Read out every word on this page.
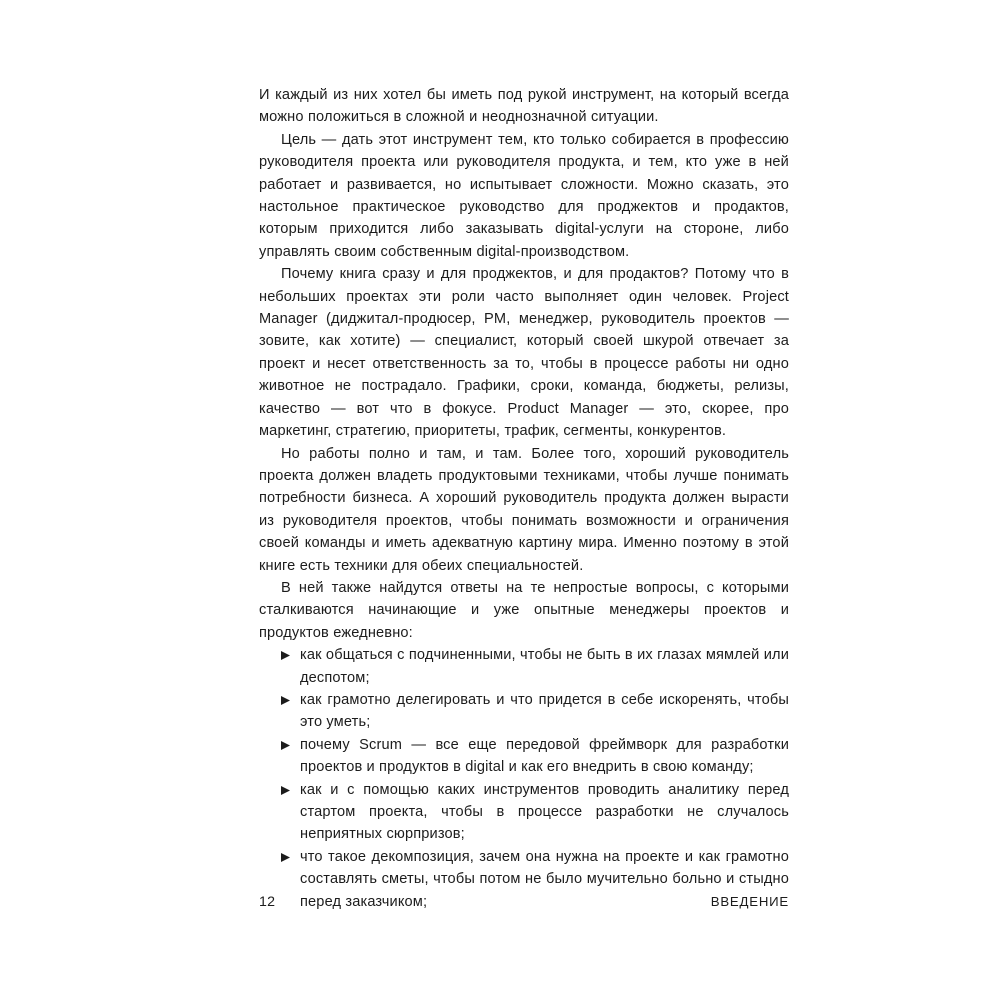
И каждый из них хотел бы иметь под рукой инструмент, на который всегда можно положиться в сложной и неоднозначной ситуации.

Цель — дать этот инструмент тем, кто только собирается в профессию руководителя проекта или руководителя продукта, и тем, кто уже в ней работает и развивается, но испытывает сложности. Можно сказать, это настольное практическое руководство для проджектов и продактов, которым приходится либо заказывать digital-услуги на стороне, либо управлять своим собственным digital-производством.

Почему книга сразу и для проджектов, и для продактов? Потому что в небольших проектах эти роли часто выполняет один человек. Project Manager (диджитал-продюсер, PM, менеджер, руководитель проектов — зовите, как хотите) — специалист, который своей шкурой отвечает за проект и несет ответственность за то, чтобы в процессе работы ни одно животное не пострадало. Графики, сроки, команда, бюджеты, релизы, качество — вот что в фокусе. Product Manager — это, скорее, про маркетинг, стратегию, приоритеты, трафик, сегменты, конкурентов.

Но работы полно и там, и там. Более того, хороший руководитель проекта должен владеть продуктовыми техниками, чтобы лучше понимать потребности бизнеса. А хороший руководитель продукта должен вырасти из руководителя проектов, чтобы понимать возможности и ограничения своей команды и иметь адекватную картину мира. Именно поэтому в этой книге есть техники для обеих специальностей.

В ней также найдутся ответы на те непростые вопросы, с которыми сталкиваются начинающие и уже опытные менеджеры проектов и продуктов ежедневно:

как общаться с подчиненными, чтобы не быть в их глазах мямлей или деспотом;
как грамотно делегировать и что придется в себе искоренять, чтобы это уметь;
почему Scrum — все еще передовой фреймворк для разработки проектов и продуктов в digital и как его внедрить в свою команду;
как и с помощью каких инструментов проводить аналитику перед стартом проекта, чтобы в процессе разработки не случалось неприятных сюрпризов;
что такое декомпозиция, зачем она нужна на проекте и как грамотно составлять сметы, чтобы потом не было мучительно больно и стыдно перед заказчиком;
12	ВВЕДЕНИЕ
